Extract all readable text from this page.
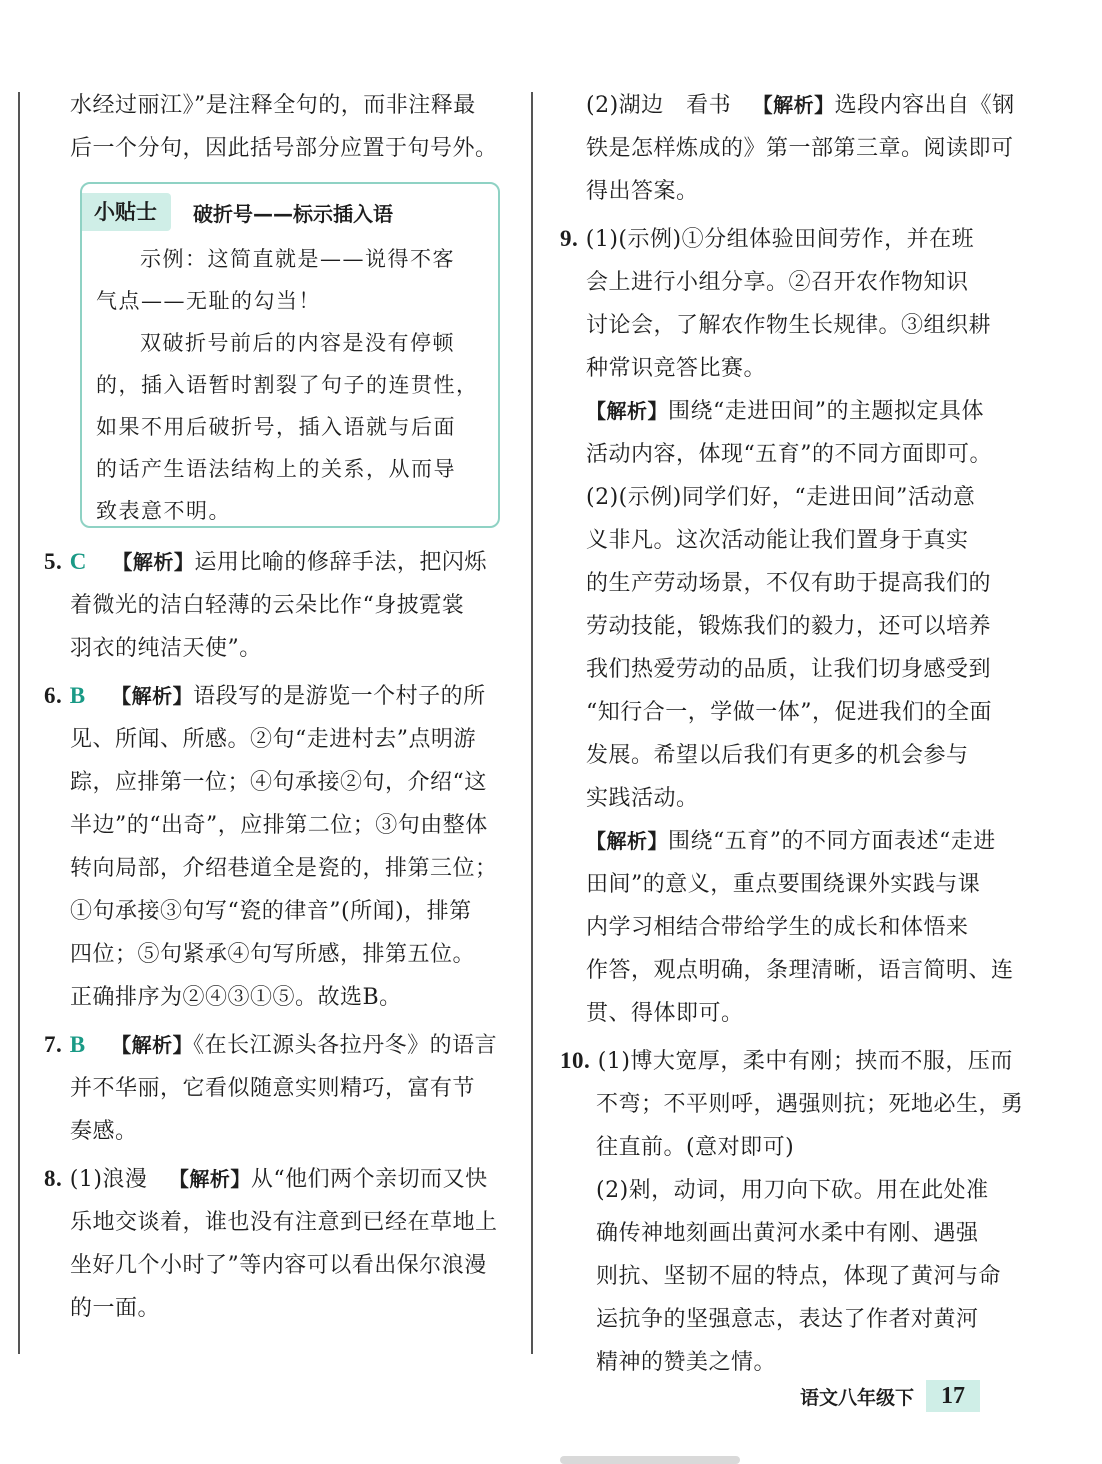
水经过丽江》”是注释全句的，而非注释最
后一个分句，因此括号部分应置于句号外。
小贴士	破折号——标示插入语
示例：这简直就是——说得不客
气点——无耻的勾当！
双破折号前后的内容是没有停顿
的，插入语暂时割裂了句子的连贯性，
如果不用后破折号，插入语就与后面
的话产生语法结构上的关系，从而导
致表意不明。
5. C 【解析】运用比喻的修辞手法，把闪烁
着微光的洁白轻薄的云朵比作“身披霓裳
羽衣的纯洁天使”。
6. B 【解析】语段写的是游览一个村子的所
见、所闻、所感。②句“走进村去”点明游
踪，应排第一位；④句承接②句，介绍“这
半边”的“出奇”，应排第二位；③句由整体
转向局部，介绍巷道全是瓷的，排第三位；
①句承接③句写“瓷的律音”(所闻)，排第
四位；⑤句紧承④句写所感，排第五位。
正确排序为②④③①⑤。故选B。
7. B 【解析】《在长江源头各拉丹冬》的语言
并不华丽，它看似随意实则精巧，富有节
奏感。
8. (1)浪漫 【解析】从“他们两个亲切而又快
乐地交谈着，谁也没有注意到已经在草地上
坐好几个小时了”等内容可以看出保尔浪漫
的一面。
(2)湖边　看书 【解析】选段内容出自《钢
铁是怎样炼成的》第一部第三章。阅读即可
得出答案。
9. (1)(示例)①分组体验田间劳作，并在班
会上进行小组分享。②召开农作物知识
讨论会，了解农作物生长规律。③组织耕
种常识竞答比赛。
【解析】围绕“走进田间”的主题拟定具体
活动内容，体现“五育”的不同方面即可。
(2)(示例)同学们好，“走进田间”活动意
义非凡。这次活动能让我们置身于真实
的生产劳动场景，不仅有助于提高我们的
劳动技能，锻炼我们的毅力，还可以培养
我们热爱劳动的品质，让我们切身感受到
“知行合一，学做一体”，促进我们的全面
发展。希望以后我们有更多的机会参与
实践活动。
【解析】围绕“五育”的不同方面表述“走进
田间”的意义，重点要围绕课外实践与课
内学习相结合带给学生的成长和体悟来
作答，观点明确，条理清晰，语言简明、连
贯、得体即可。
10. (1)博大宽厚，柔中有刚；挟而不服，压而
不弯；不平则呼，遇强则抗；死地必生，勇
往直前。(意对即可)
(2)剁，动词，用刀向下砍。用在此处准
确传神地刻画出黄河水柔中有刚、遇强
则抗、坚韧不屈的特点，体现了黄河与命
运抗争的坚强意志，表达了作者对黄河
精神的赞美之情。
语文八年级下	17
